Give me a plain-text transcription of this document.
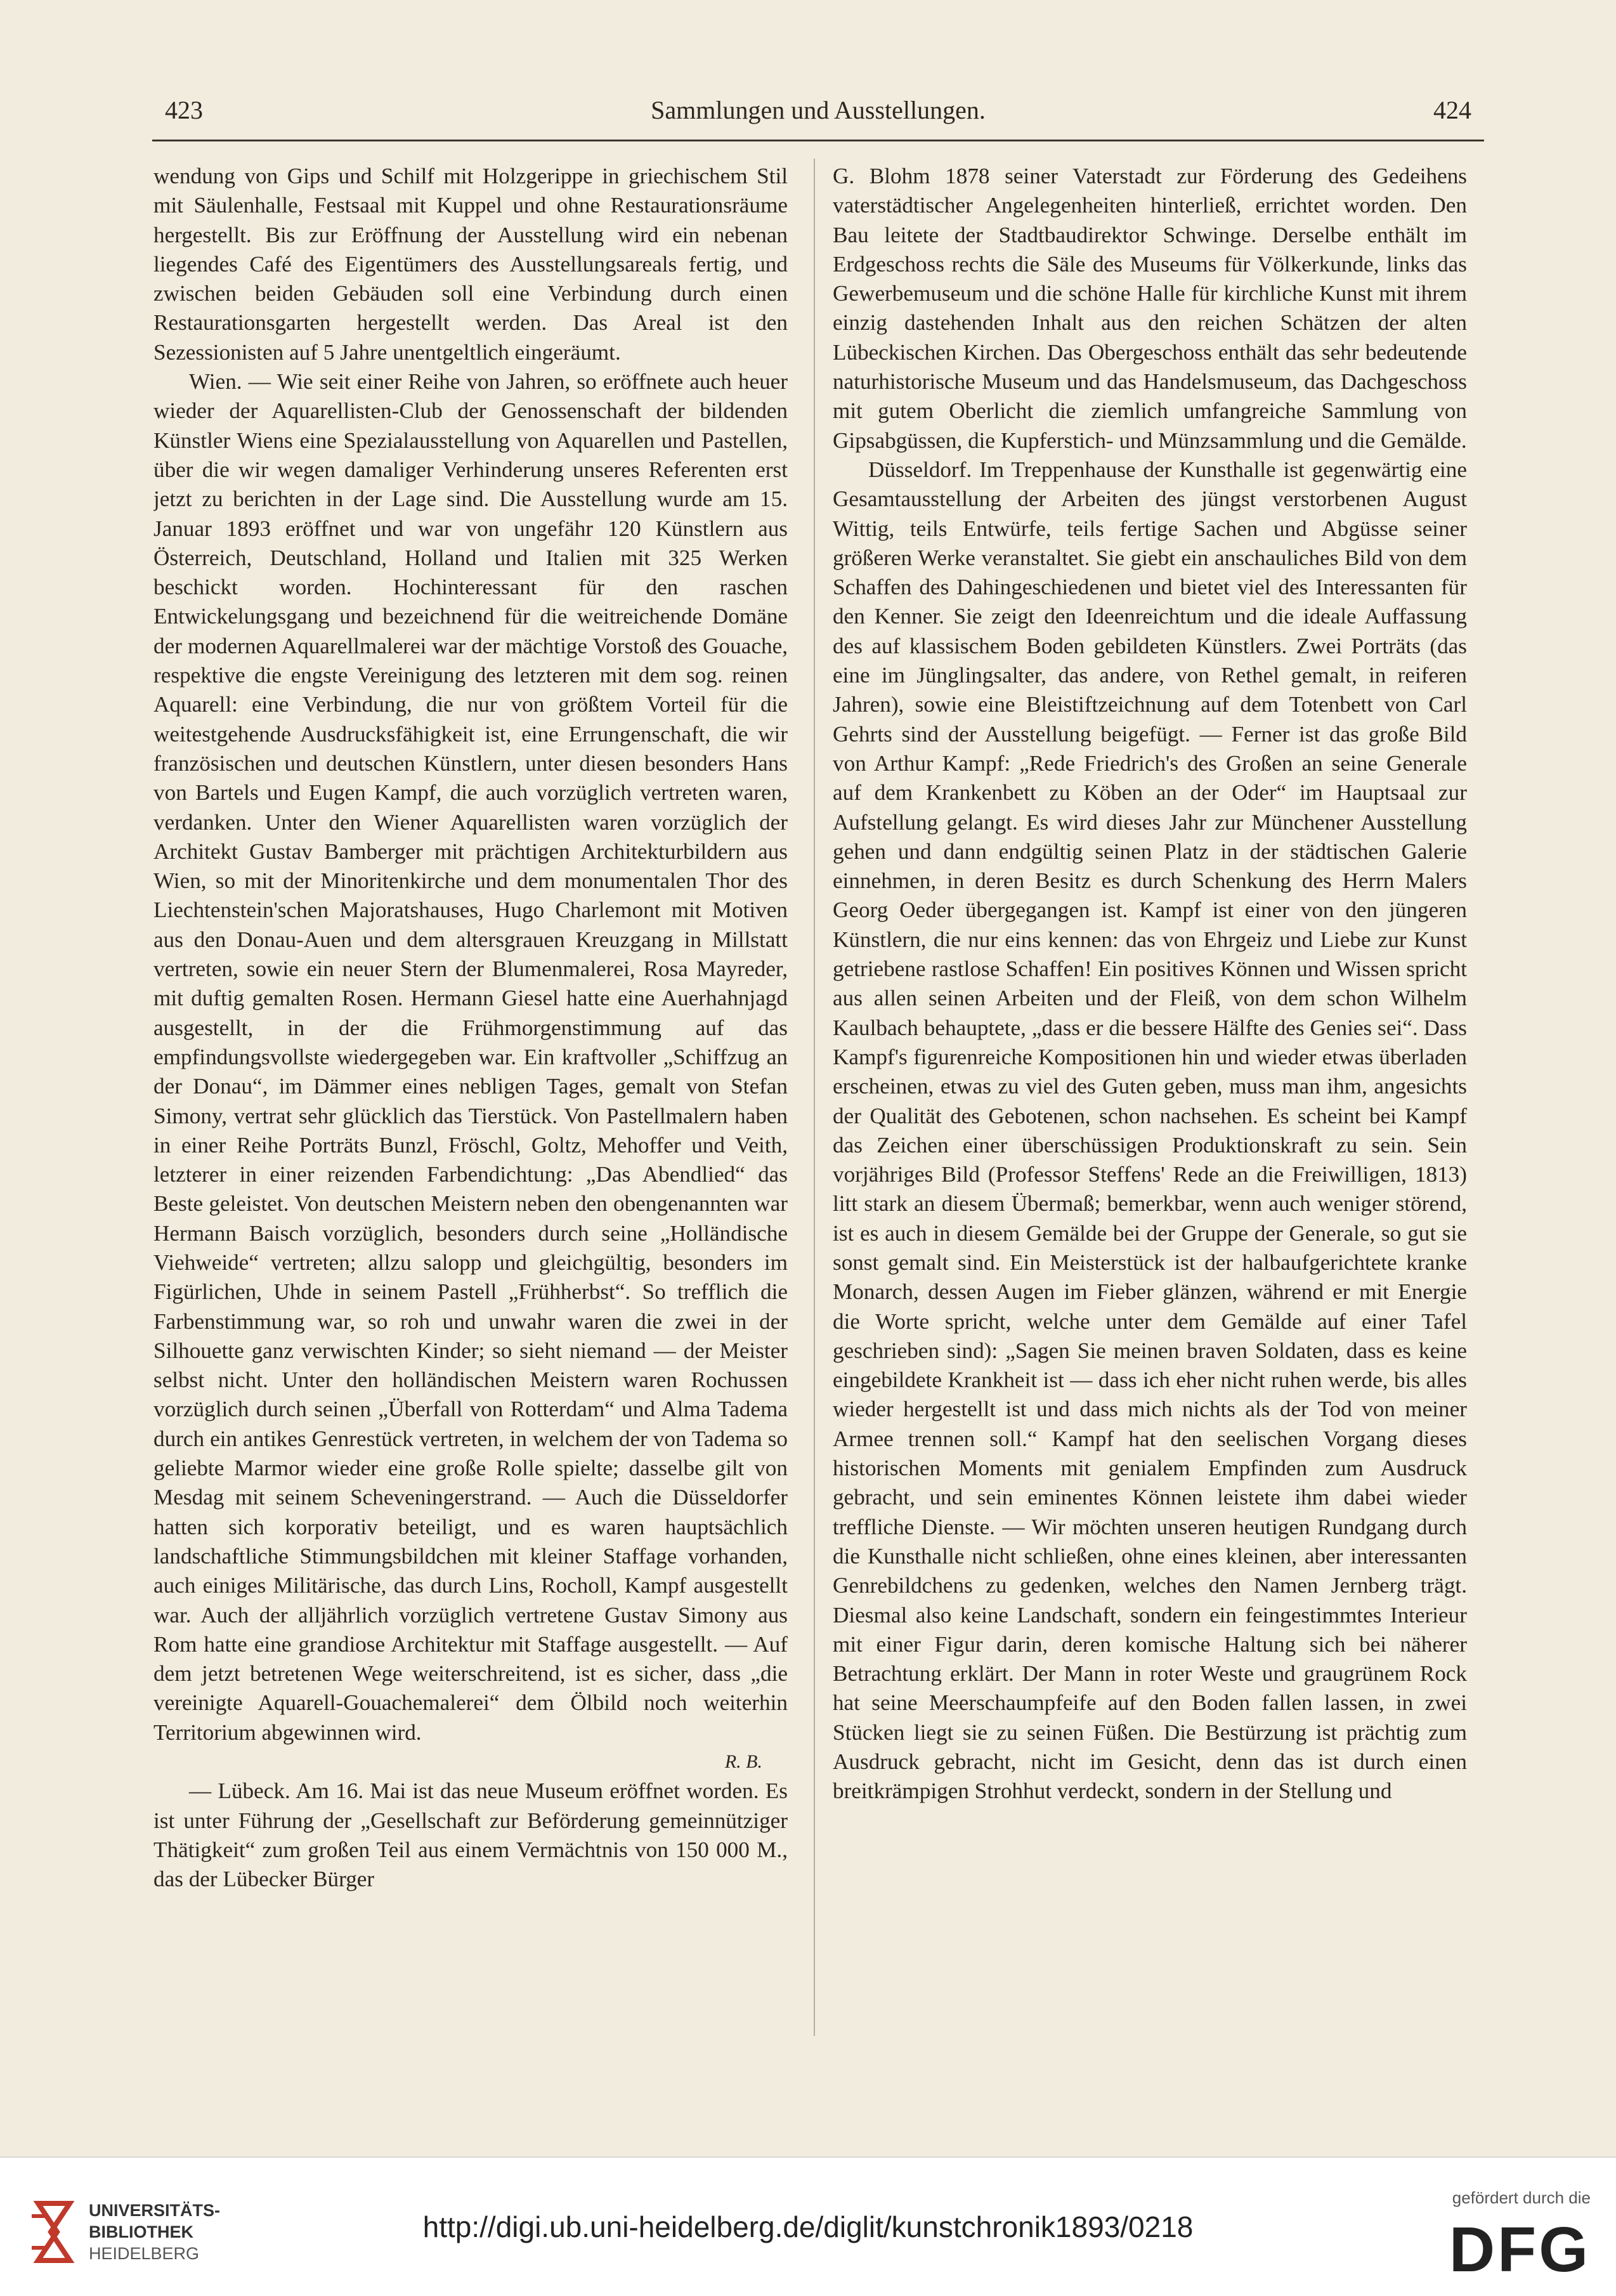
423	Sammlungen und Ausstellungen.	424

wendung von Gips und Schilf mit Holzgerippe in griechischem Stil mit Säulenhalle, Festsaal mit Kuppel und ohne Restaurationsräume hergestellt. Bis zur Eröffnung der Ausstellung wird ein nebenan liegendes Café des Eigentümers des Ausstellungsareals fertig, und zwischen beiden Gebäuden soll eine Verbindung durch einen Restaurationsgarten hergestellt werden. Das Areal ist den Sezessionisten auf 5 Jahre unentgeltlich eingeräumt.

Wien. — Wie seit einer Reihe von Jahren, so eröffnete auch heuer wieder der Aquarellisten-Club der Genossenschaft der bildenden Künstler Wiens eine Spezialausstellung von Aquarellen und Pastellen, über die wir wegen damaliger Verhinderung unseres Referenten erst jetzt zu berichten in der Lage sind. Die Ausstellung wurde am 15. Januar 1893 eröffnet und war von ungefähr 120 Künstlern aus Österreich, Deutschland, Holland und Italien mit 325 Werken beschickt worden. Hochinteressant für den raschen Entwickelungsgang und bezeichnend für die weitreichende Domäne der modernen Aquarellmalerei war der mächtige Vorstoß des Gouache, respektive die engste Vereinigung des letzteren mit dem sog. reinen Aquarell: eine Verbindung, die nur von größtem Vorteil für die weitestgehende Ausdrucksfähigkeit ist, eine Errungenschaft, die wir französischen und deutschen Künstlern, unter diesen besonders Hans von Bartels und Eugen Kampf, die auch vorzüglich vertreten waren, verdanken. Unter den Wiener Aquarellisten waren vorzüglich der Architekt Gustav Bamberger mit prächtigen Architekturbildern aus Wien, so mit der Minoritenkirche und dem monumentalen Thor des Liechtenstein'schen Majoratshauses, Hugo Charlemont mit Motiven aus den Donau-Auen und dem altersgrauen Kreuzgang in Millstatt vertreten, sowie ein neuer Stern der Blumenmalerei, Rosa Mayreder, mit duftig gemalten Rosen. Hermann Giesel hatte eine Auerhahnjagd ausgestellt, in der die Frühmorgenstimmung auf das empfindungsvollste wiedergegeben war. Ein kraftvoller „Schiffzug an der Donau“, im Dämmer eines nebligen Tages, gemalt von Stefan Simony, vertrat sehr glücklich das Tierstück. Von Pastellmalern haben in einer Reihe Porträts Bunzl, Fröschl, Goltz, Mehoffer und Veith, letzterer in einer reizenden Farbendichtung: „Das Abendlied“ das Beste geleistet. Von deutschen Meistern neben den obengenannten war Hermann Baisch vorzüglich, besonders durch seine „Holländische Viehweide“ vertreten; allzu salopp und gleichgültig, besonders im Figürlichen, Uhde in seinem Pastell „Frühherbst“. So trefflich die Farbenstimmung war, so roh und unwahr waren die zwei in der Silhouette ganz verwischten Kinder; so sieht niemand — der Meister selbst nicht. Unter den holländischen Meistern waren Rochussen vorzüglich durch seinen „Überfall von Rotterdam“ und Alma Tadema durch ein antikes Genrestück vertreten, in welchem der von Tadema so geliebte Marmor wieder eine große Rolle spielte; dasselbe gilt von Mesdag mit seinem Scheveningerstrand. — Auch die Düsseldorfer hatten sich korporativ beteiligt, und es waren hauptsächlich landschaftliche Stimmungsbildchen mit kleiner Staffage vorhanden, auch einiges Militärische, das durch Lins, Rocholl, Kampf ausgestellt war. Auch der alljährlich vorzüglich vertretene Gustav Simony aus Rom hatte eine grandiose Architektur mit Staffage ausgestellt. — Auf dem jetzt betretenen Wege weiterschreitend, ist es sicher, dass „die vereinigte Aquarell-Gouachemalerei“ dem Ölbild noch weiterhin Territorium abgewinnen wird.

R. B.

— Lübeck. Am 16. Mai ist das neue Museum eröffnet worden. Es ist unter Führung der „Gesellschaft zur Beförderung gemeinnütziger Thätigkeit“ zum großen Teil aus einem Vermächtnis von 150 000 M., das der Lübecker Bürger

G. Blohm 1878 seiner Vaterstadt zur Förderung des Gedeihens vaterstädtischer Angelegenheiten hinterließ, errichtet worden. Den Bau leitete der Stadtbaudirektor Schwinge. Derselbe enthält im Erdgeschoss rechts die Säle des Museums für Völkerkunde, links das Gewerbemuseum und die schöne Halle für kirchliche Kunst mit ihrem einzig dastehenden Inhalt aus den reichen Schätzen der alten Lübeckischen Kirchen. Das Obergeschoss enthält das sehr bedeutende naturhistorische Museum und das Handelsmuseum, das Dachgeschoss mit gutem Oberlicht die ziemlich umfangreiche Sammlung von Gipsabgüssen, die Kupferstich- und Münzsammlung und die Gemälde.

Düsseldorf. Im Treppenhause der Kunsthalle ist gegenwärtig eine Gesamtausstellung der Arbeiten des jüngst verstorbenen August Wittig, teils Entwürfe, teils fertige Sachen und Abgüsse seiner größeren Werke veranstaltet. Sie giebt ein anschauliches Bild von dem Schaffen des Dahingeschiedenen und bietet viel des Interessanten für den Kenner. Sie zeigt den Ideenreichtum und die ideale Auffassung des auf klassischem Boden gebildeten Künstlers. Zwei Porträts (das eine im Jünglingsalter, das andere, von Rethel gemalt, in reiferen Jahren), sowie eine Bleistiftzeichnung auf dem Totenbett von Carl Gehrts sind der Ausstellung beigefügt. — Ferner ist das große Bild von Arthur Kampf: „Rede Friedrich's des Großen an seine Generale auf dem Krankenbett zu Köben an der Oder“ im Hauptsaal zur Aufstellung gelangt. Es wird dieses Jahr zur Münchener Ausstellung gehen und dann endgültig seinen Platz in der städtischen Galerie einnehmen, in deren Besitz es durch Schenkung des Herrn Malers Georg Oeder übergegangen ist. Kampf ist einer von den jüngeren Künstlern, die nur eins kennen: das von Ehrgeiz und Liebe zur Kunst getriebene rastlose Schaffen! Ein positives Können und Wissen spricht aus allen seinen Arbeiten und der Fleiß, von dem schon Wilhelm Kaulbach behauptete, „dass er die bessere Hälfte des Genies sei“. Dass Kampf's figurenreiche Kompositionen hin und wieder etwas überladen erscheinen, etwas zu viel des Guten geben, muss man ihm, angesichts der Qualität des Gebotenen, schon nachsehen. Es scheint bei Kampf das Zeichen einer überschüssigen Produktionskraft zu sein. Sein vorjähriges Bild (Professor Steffens' Rede an die Freiwilligen, 1813) litt stark an diesem Übermaß; bemerkbar, wenn auch weniger störend, ist es auch in diesem Gemälde bei der Gruppe der Generale, so gut sie sonst gemalt sind. Ein Meisterstück ist der halbaufgerichtete kranke Monarch, dessen Augen im Fieber glänzen, während er mit Energie die Worte spricht, welche unter dem Gemälde auf einer Tafel geschrieben sind): „Sagen Sie meinen braven Soldaten, dass es keine eingebildete Krankheit ist — dass ich eher nicht ruhen werde, bis alles wieder hergestellt ist und dass mich nichts als der Tod von meiner Armee trennen soll.“ Kampf hat den seelischen Vorgang dieses historischen Moments mit genialem Empfinden zum Ausdruck gebracht, und sein eminentes Können leistete ihm dabei wieder treffliche Dienste. — Wir möchten unseren heutigen Rundgang durch die Kunsthalle nicht schließen, ohne eines kleinen, aber interessanten Genrebildchens zu gedenken, welches den Namen Jernberg trägt. Diesmal also keine Landschaft, sondern ein feingestimmtes Interieur mit einer Figur darin, deren komische Haltung sich bei näherer Betrachtung erklärt. Der Mann in roter Weste und graugrünem Rock hat seine Meerschaumpfeife auf den Boden fallen lassen, in zwei Stücken liegt sie zu seinen Füßen. Die Bestürzung ist prächtig zum Ausdruck gebracht, nicht im Gesicht, denn das ist durch einen breitkrämpigen Strohhut verdeckt, sondern in der Stellung und

UNIVERSITÄTS-
BIBLIOTHEK
HEIDELBERG
http://digi.ub.uni-heidelberg.de/diglit/kunstchronik1893/0218
gefördert durch die
DFG
